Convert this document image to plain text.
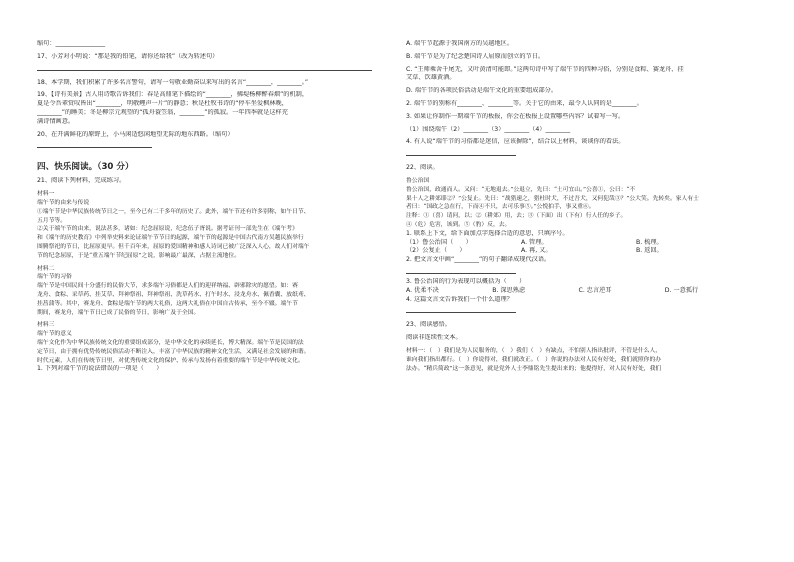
缩句：________________
17、小芳对小明说：“那是我的铅笔，请你还给我”（改为转述句）
18、本学期，我们积累了许多名言警句，请写一句敬业勤奋以来写出的名言“________，________。”
19、【诗有美景】古人用诗歌告诉我们：春是高鼎笔下描绘的“________，拂堤杨柳醉春烟”的机制，
夏是令吾辈赏叹皆出“________，明敬鲤声一片”的静意；秋是杜牧书诗的“停车坐爱枫林晚，
________”的睡美；冬是柳宗元观望的“孤舟蓑笠翁，________”的孤寂。一年四季就是这样充
满诗情画意。
20、在开满鲜花的原野上，小马闲适悠闲地望无际的地东西路。（缩句）
四、快乐阅读。（30 分）
21、阅读下列材料，完成练习。
材料一
端午节的由来与传说
①端午节是中华民族传统节日之一，至今已有二千多年的历史了。此外，端午节还有许多别称，如午日节、
五月节等。
②关于端午节的由来，说法甚多，诸如：纪念屈原说，纪念伍子胥说。据考证刊一部先生在《端午考》
和《端午的历史教育》中列举史料来论证端午节节日的起源，端午节的起源是中国古代南方吴越民族举行
图腾祭祀的节日，比屈原更早。但千百年来，屈原的爱国精神和感人诗词已被广泛深入人心，故人们对端午
节的纪念屈原，于是“重五端午节纪屈原”之说，影响最广最深，占据主流地位。
材料二
端午节的习俗
端午节是中国民间十分盛行的民俗大节，求多端午习俗都是人们的迎祥纳福、辟邪除灾的愿望。如：赛
龙舟、食粽、采草药、挂艾草、拜神祭祖、拜神祭祖、洗草药水、打午时水、浸龙舟水、佩香囊、放纸鸢、
挂菖蒲等。其中，赛龙舟、食粽是端午节的两大礼俗，这两大礼俗在中国自古传承，至今不辍。端午节
期间，赛龙舟，端午节日已成了民俗的节日，影响广及于全国。
材料三
端午节的意义
端午文化作为中华民族传统文化的重要组成部分，是中华文化的承续延长，博大精深。端午节是民国的法
定节日，由于拥有优势传统民俗活动不断注入，丰富了中华民族的精神文化生活，又满足社会发展的和谐。
时代元素，人们在传统节日里，对优秀传统文化的保护、传承与发扬有着重要的端午节是中华传统文化。
1. 下列对端午节的说法错误的一项是（　　）
A. 端午节起源于我国南方的吴越地区。
B. 端午节是为了纪念楚国诗人屈原而创立的节日。
C. “王师乘舍千尾无，又叶黄清可能即。”这两句诗中写了端午节的四种习俗，分别是食粽、赛龙舟、挂
艾草、饮雄黄酒。
D. 端午节的各项民俗活动是端午文化的重要组成部分。
2. 端午节的别称有________、________等。关于它的由来，最令人认同的是________。
3. 如果让你制作一期端午节的板报，你会在板报上设置哪些内容？试着写一写。
（1）围绕端午（2）________（3）________（4）________
4. 有人说“端午节的习俗都是迷信，应该摒除”，结合以上材料，谈谈你的看法。
22、阅读。
鲁公治国
鲁公治国，政通而人。又问：“无地退去。”公退立，先曰：“土可宜山。”公喜①，公曰：“不
果十人之耕郊耶②？”公复止。先曰：“战猎速之，猎杜时犬，不过吾犬，又何犯哉③？”公大笑。先转矣。家人有士
者曰：“国政之急在行，下而④不只，去可乐事⑤。”公悦拍手，事又重⑥。
注释：①（喜）请问，以；②（耕郊）用，去；③（下面）出（下有）行人任的乡子。
④（危）危害，该到。⑤（豹）反，去。
1. 联系上下文，给下面加点字选择合适的意思，只填序号。
（1）鲁公治国（　　）	A. 管理。	B. 梳理。
（2）公复止（　　）	A. 再, 又。	B. 返回。
2. 把文言文中画“________”的句子翻译成现代汉语。
3. 鲁公治国的行为表现可以概括为（　　）
A. 优柔不决	B. 深思熟虑	C. 忠言逆耳	D. 一意孤行
4. 这篇文言文告诉我们一个什么道理？
23、阅读感悟。
阅读非连续性文本。
材料一：（　）我们是为人民服务的，（　）我们（　）有缺点，不怕别人指出批评，不管是什么人，
谁向我们指出都行。（　）你说得对，我们就改正。（　）你说的办法对人民有好处，我们就照你的办
法办。“精兵简政”这一条意见，就是党外人士李鼎铭先生提出来的；他提得好，对人民有好处，我们
